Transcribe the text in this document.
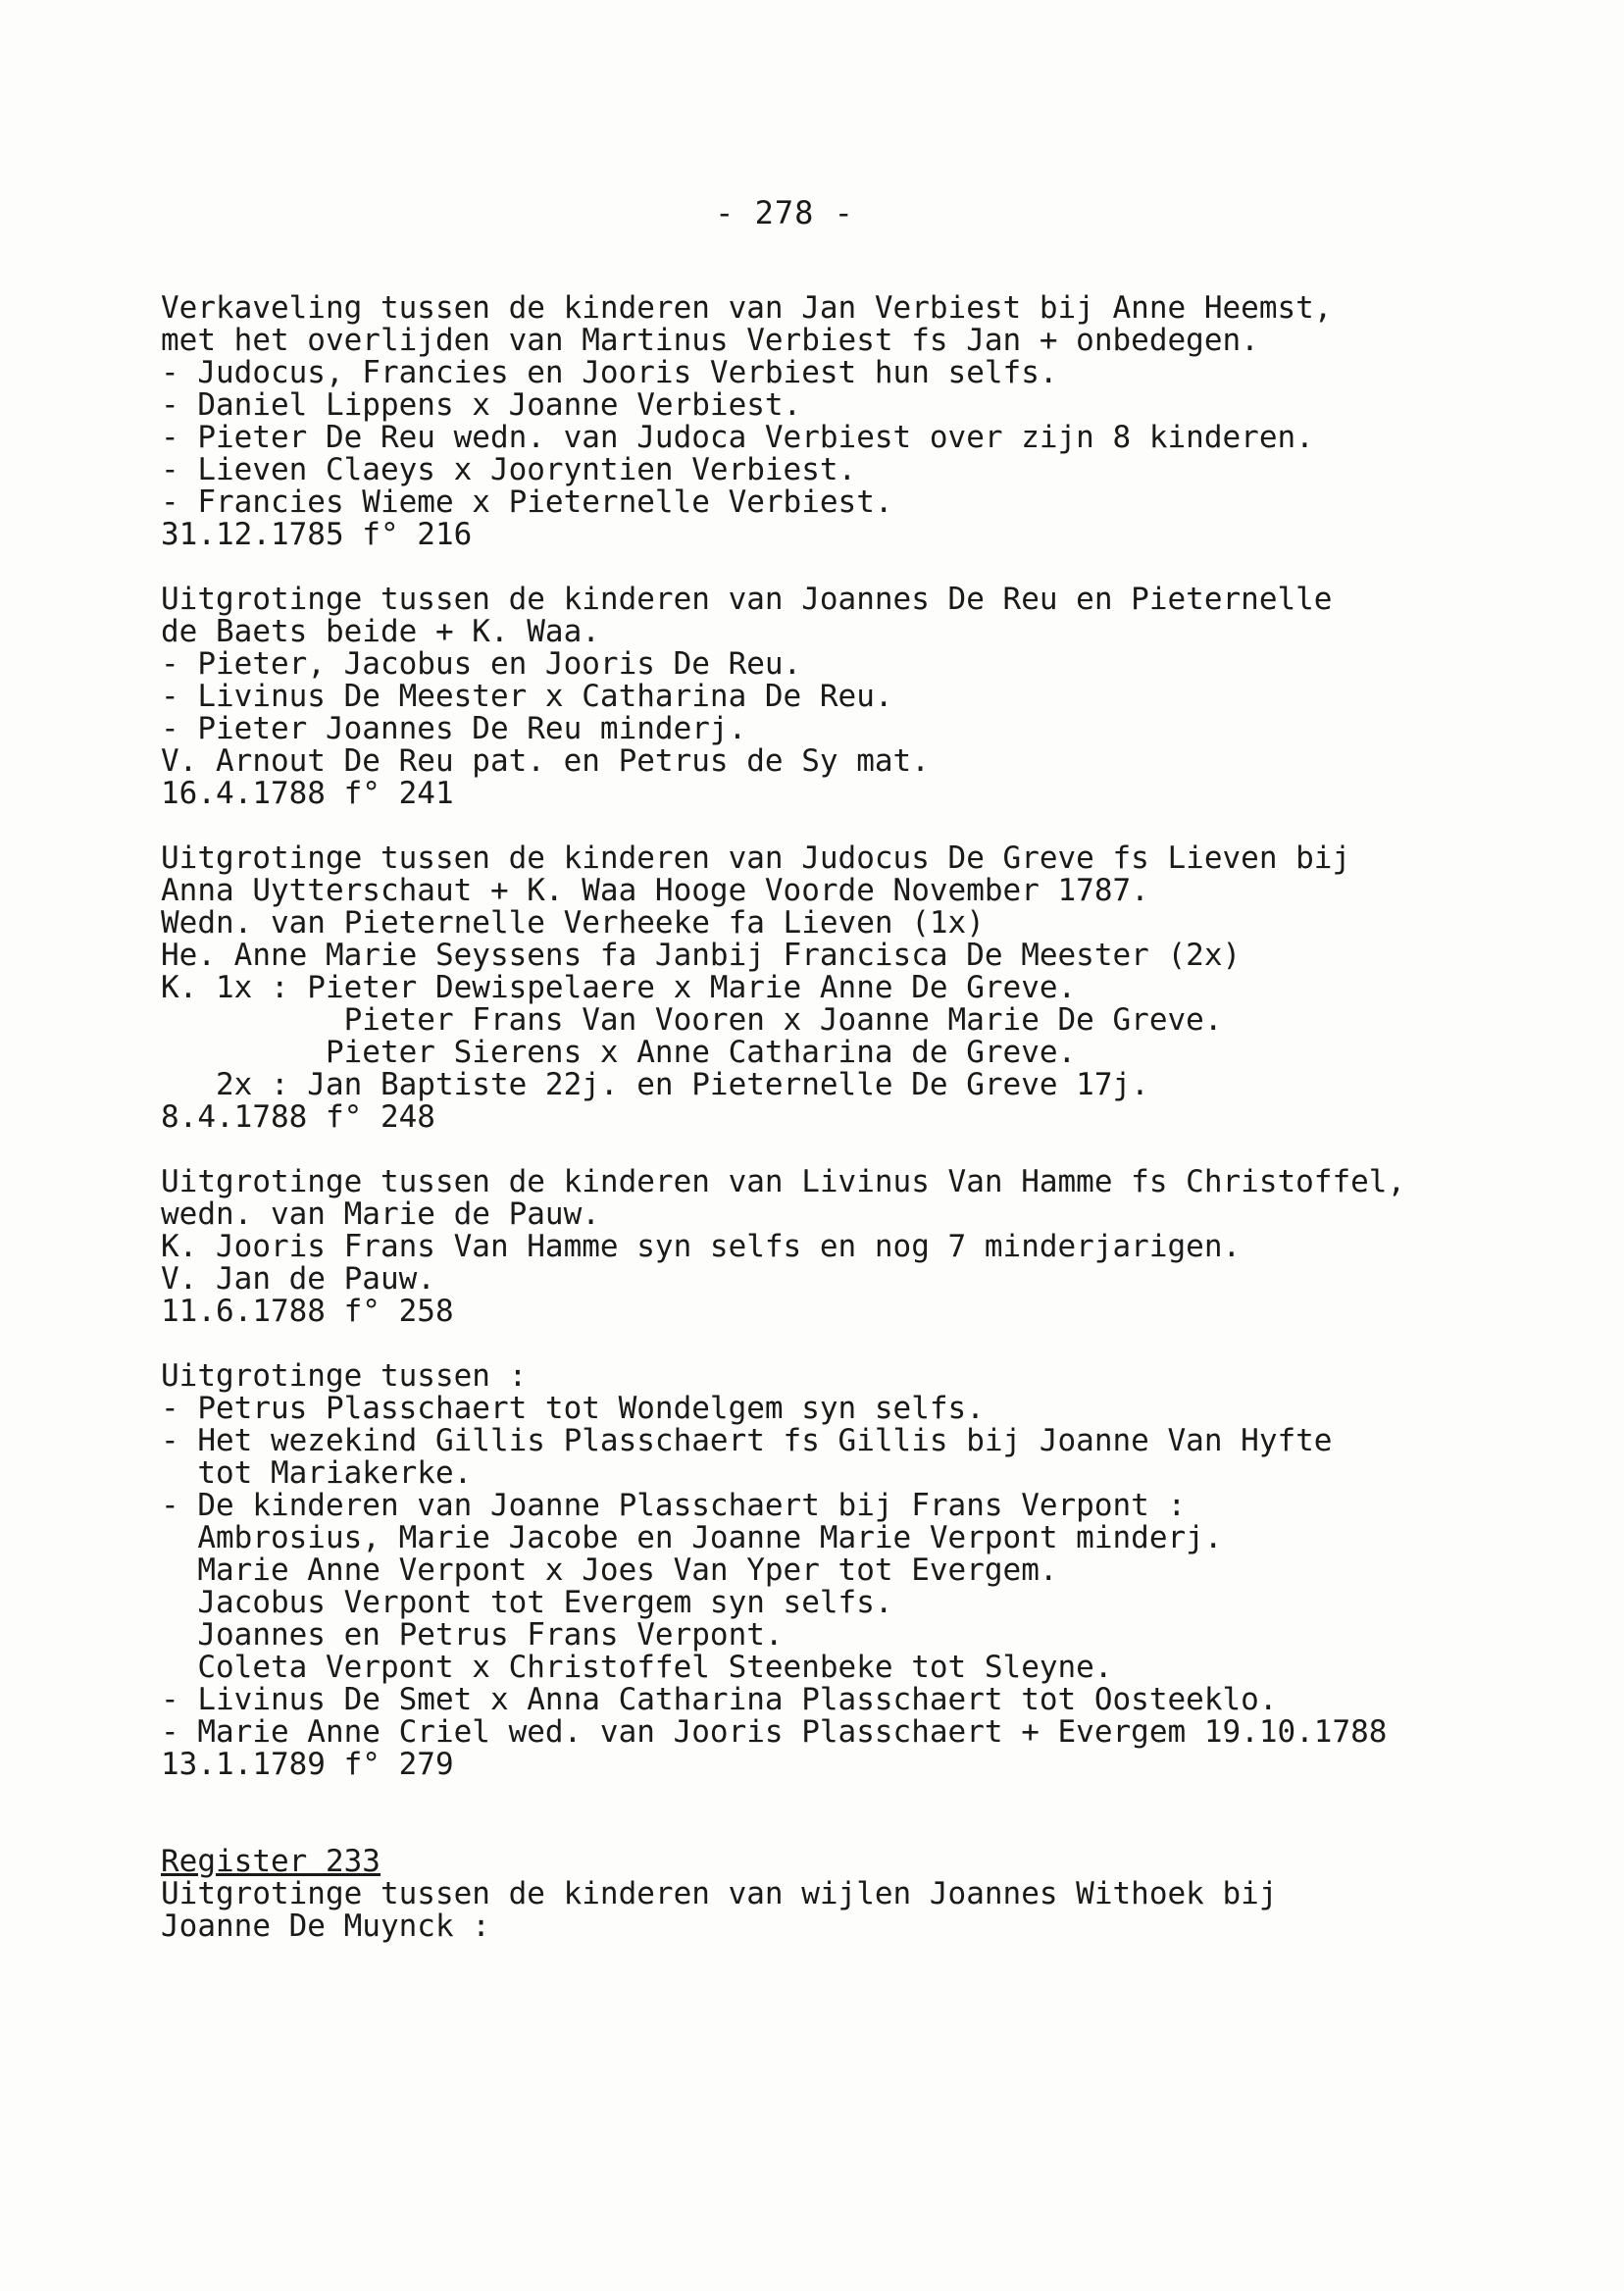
- 278 -
Verkaveling tussen de kinderen van Jan Verbiest bij Anne Heemst,
met het overlijden van Martinus Verbiest fs Jan + onbedegen.
- Judocus, Francies en Jooris Verbiest hun selfs.
- Daniel Lippens x Joanne Verbiest.
- Pieter De Reu wedn. van Judoca Verbiest over zijn 8 kinderen.
- Lieven Claeys x Jooryntien Verbiest.
- Francies Wieme x Pieternelle Verbiest.
31.12.1785 f° 216
Uitgrotinge tussen de kinderen van Joannes De Reu en Pieternelle
de Baets beide + K. Waa.
- Pieter, Jacobus en Jooris De Reu.
- Livinus De Meester x Catharina De Reu.
- Pieter Joannes De Reu minderj.
V. Arnout De Reu pat. en Petrus de Sy mat.
16.4.1788 f° 241
Uitgrotinge tussen de kinderen van Judocus De Greve fs Lieven bij
Anna Uytterschaut + K. Waa Hooge Voorde November 1787.
Wedn. van Pieternelle Verheeke fa Lieven (1x)
He. Anne Marie Seyssens fa Janbij Francisca De Meester (2x)
K. 1x : Pieter Dewispelaere x Marie Anne De Greve.
Pieter Frans Van Vooren x Joanne Marie De Greve.
Pieter Sierens x Anne Catharina de Greve.
2x : Jan Baptiste 22j. en Pieternelle De Greve 17j.
8.4.1788 f° 248
Uitgrotinge tussen de kinderen van Livinus Van Hamme fs Christoffel,
wedn. van Marie de Pauw.
K. Jooris Frans Van Hamme syn selfs en nog 7 minderjarigen.
V. Jan de Pauw.
11.6.1788 f° 258
Uitgrotinge tussen :
- Petrus Plasschaert tot Wondelgem syn selfs.
- Het wezekind Gillis Plasschaert fs Gillis bij Joanne Van Hyfte
tot Mariakerke.
- De kinderen van Joanne Plasschaert bij Frans Verpont :
Ambrosius, Marie Jacobe en Joanne Marie Verpont minderj.
Marie Anne Verpont x Joes Van Yper tot Evergem.
Jacobus Verpont tot Evergem syn selfs.
Joannes en Petrus Frans Verpont.
Coleta Verpont x Christoffel Steenbeke tot Sleyne.
- Livinus De Smet x Anna Catharina Plasschaert tot Oosteeklo.
- Marie Anne Criel wed. van Jooris Plasschaert + Evergem 19.10.1788
13.1.1789 f° 279
Register 233
Uitgrotinge tussen de kinderen van wijlen Joannes Withoek bij
Joanne De Muynck :
